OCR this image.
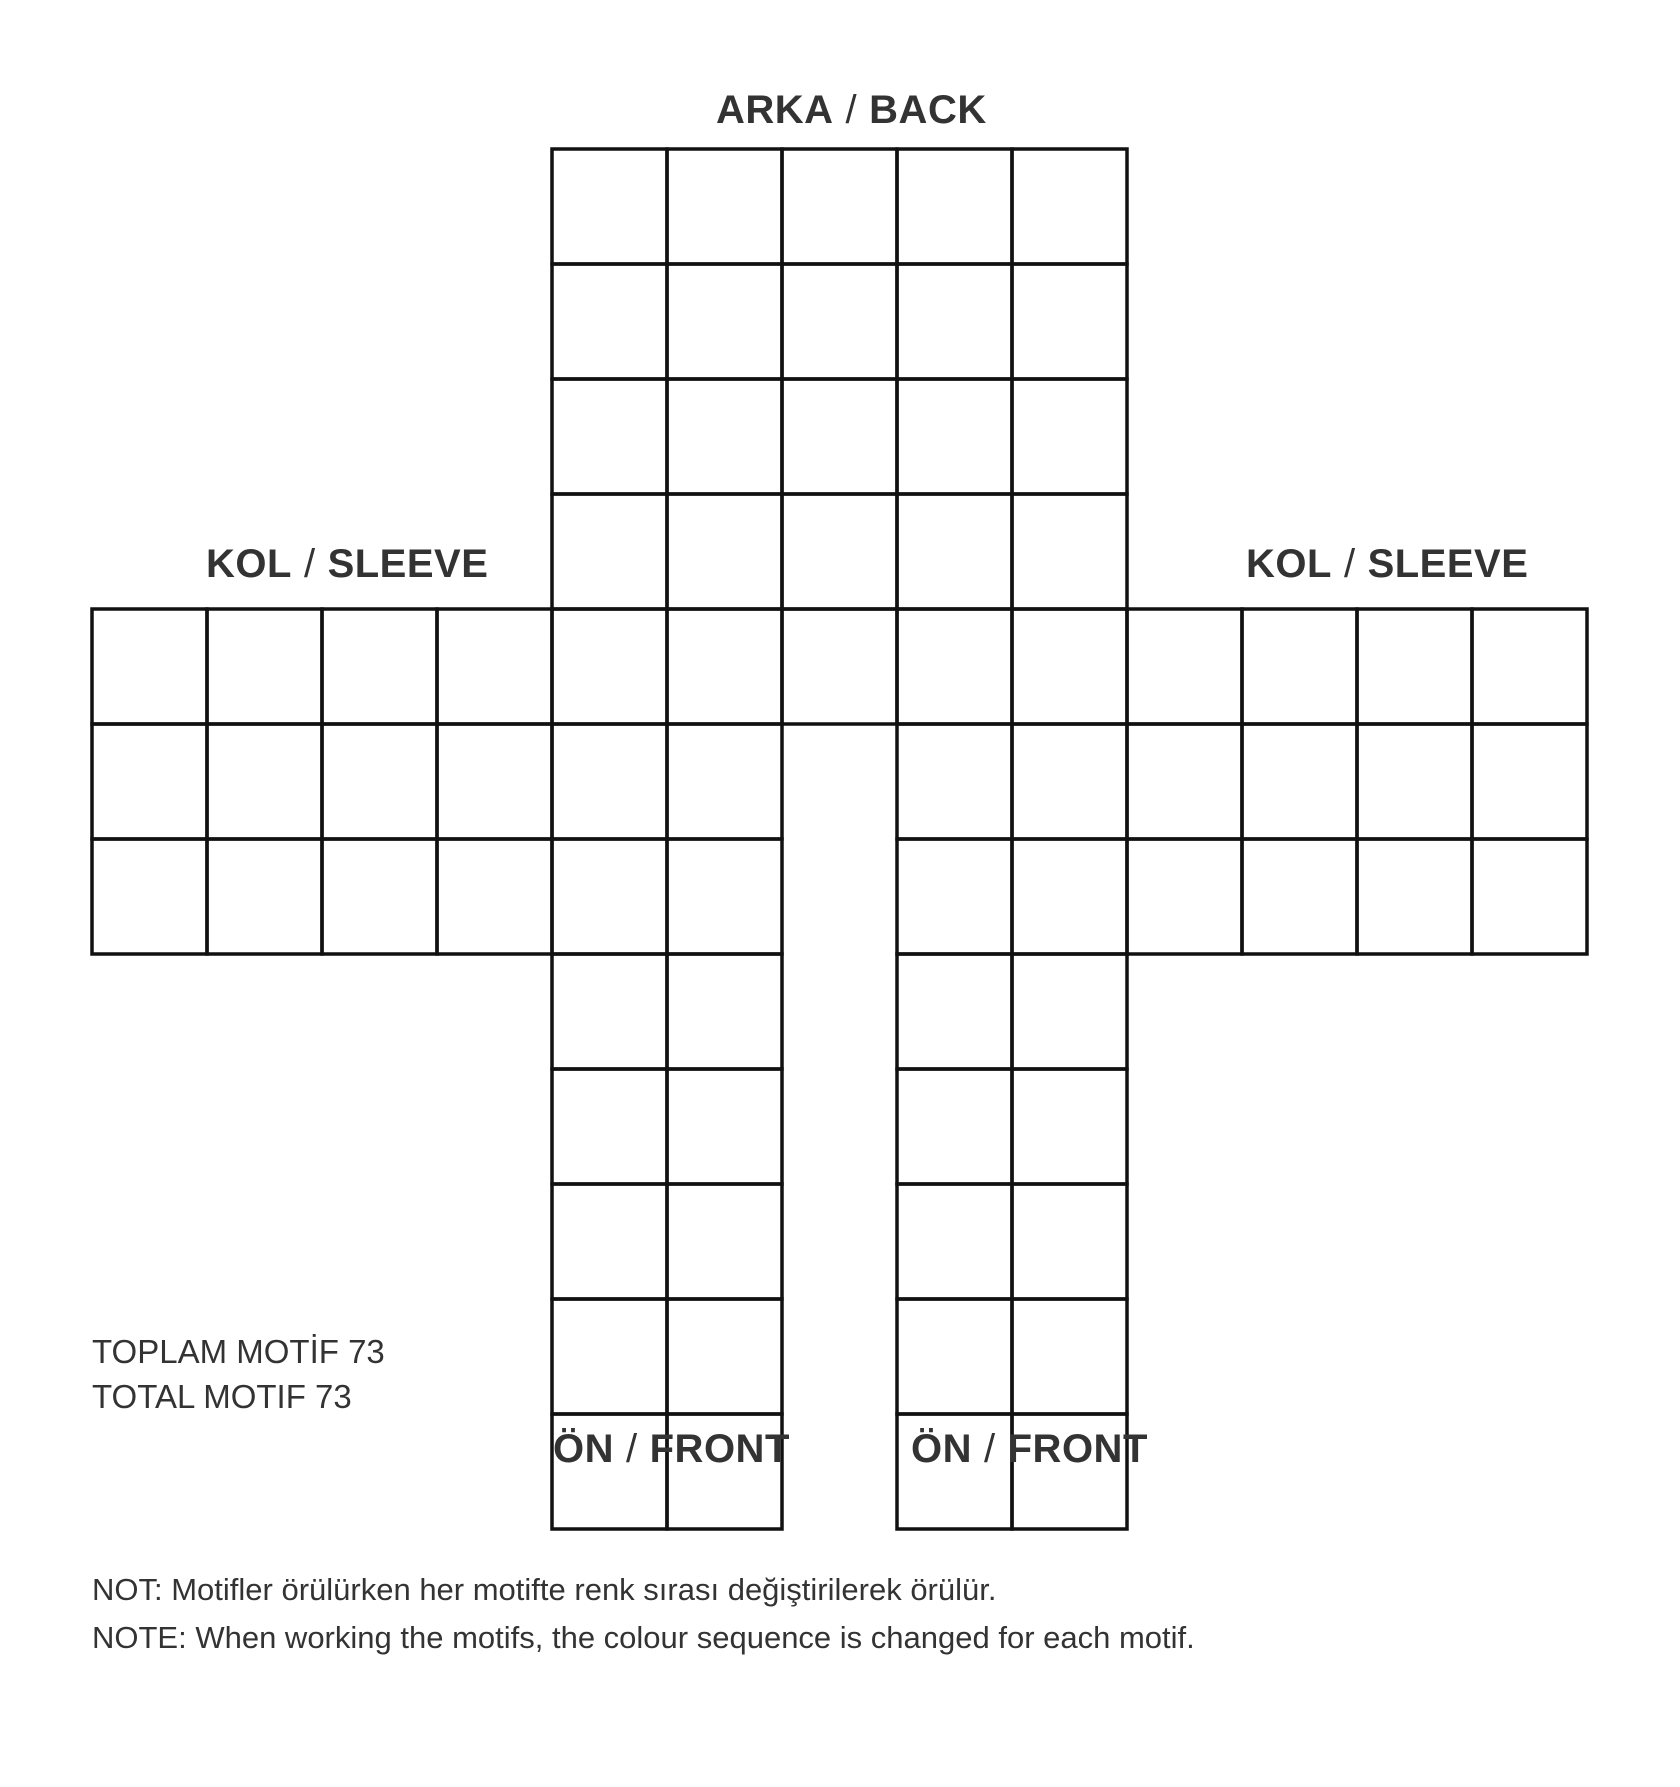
ARKA / BACK
KOL / SLEEVE	KOL / SLEEVE
ÖN / FRONT	ÖN / FRONT
TOPLAM MOTİF 73
TOTAL MOTIF 73
NOT: Motifler örülürken her motifte renk sırası değiştirilerek örülür.
NOTE: When working the motifs, the colour sequence is changed for each motif.
